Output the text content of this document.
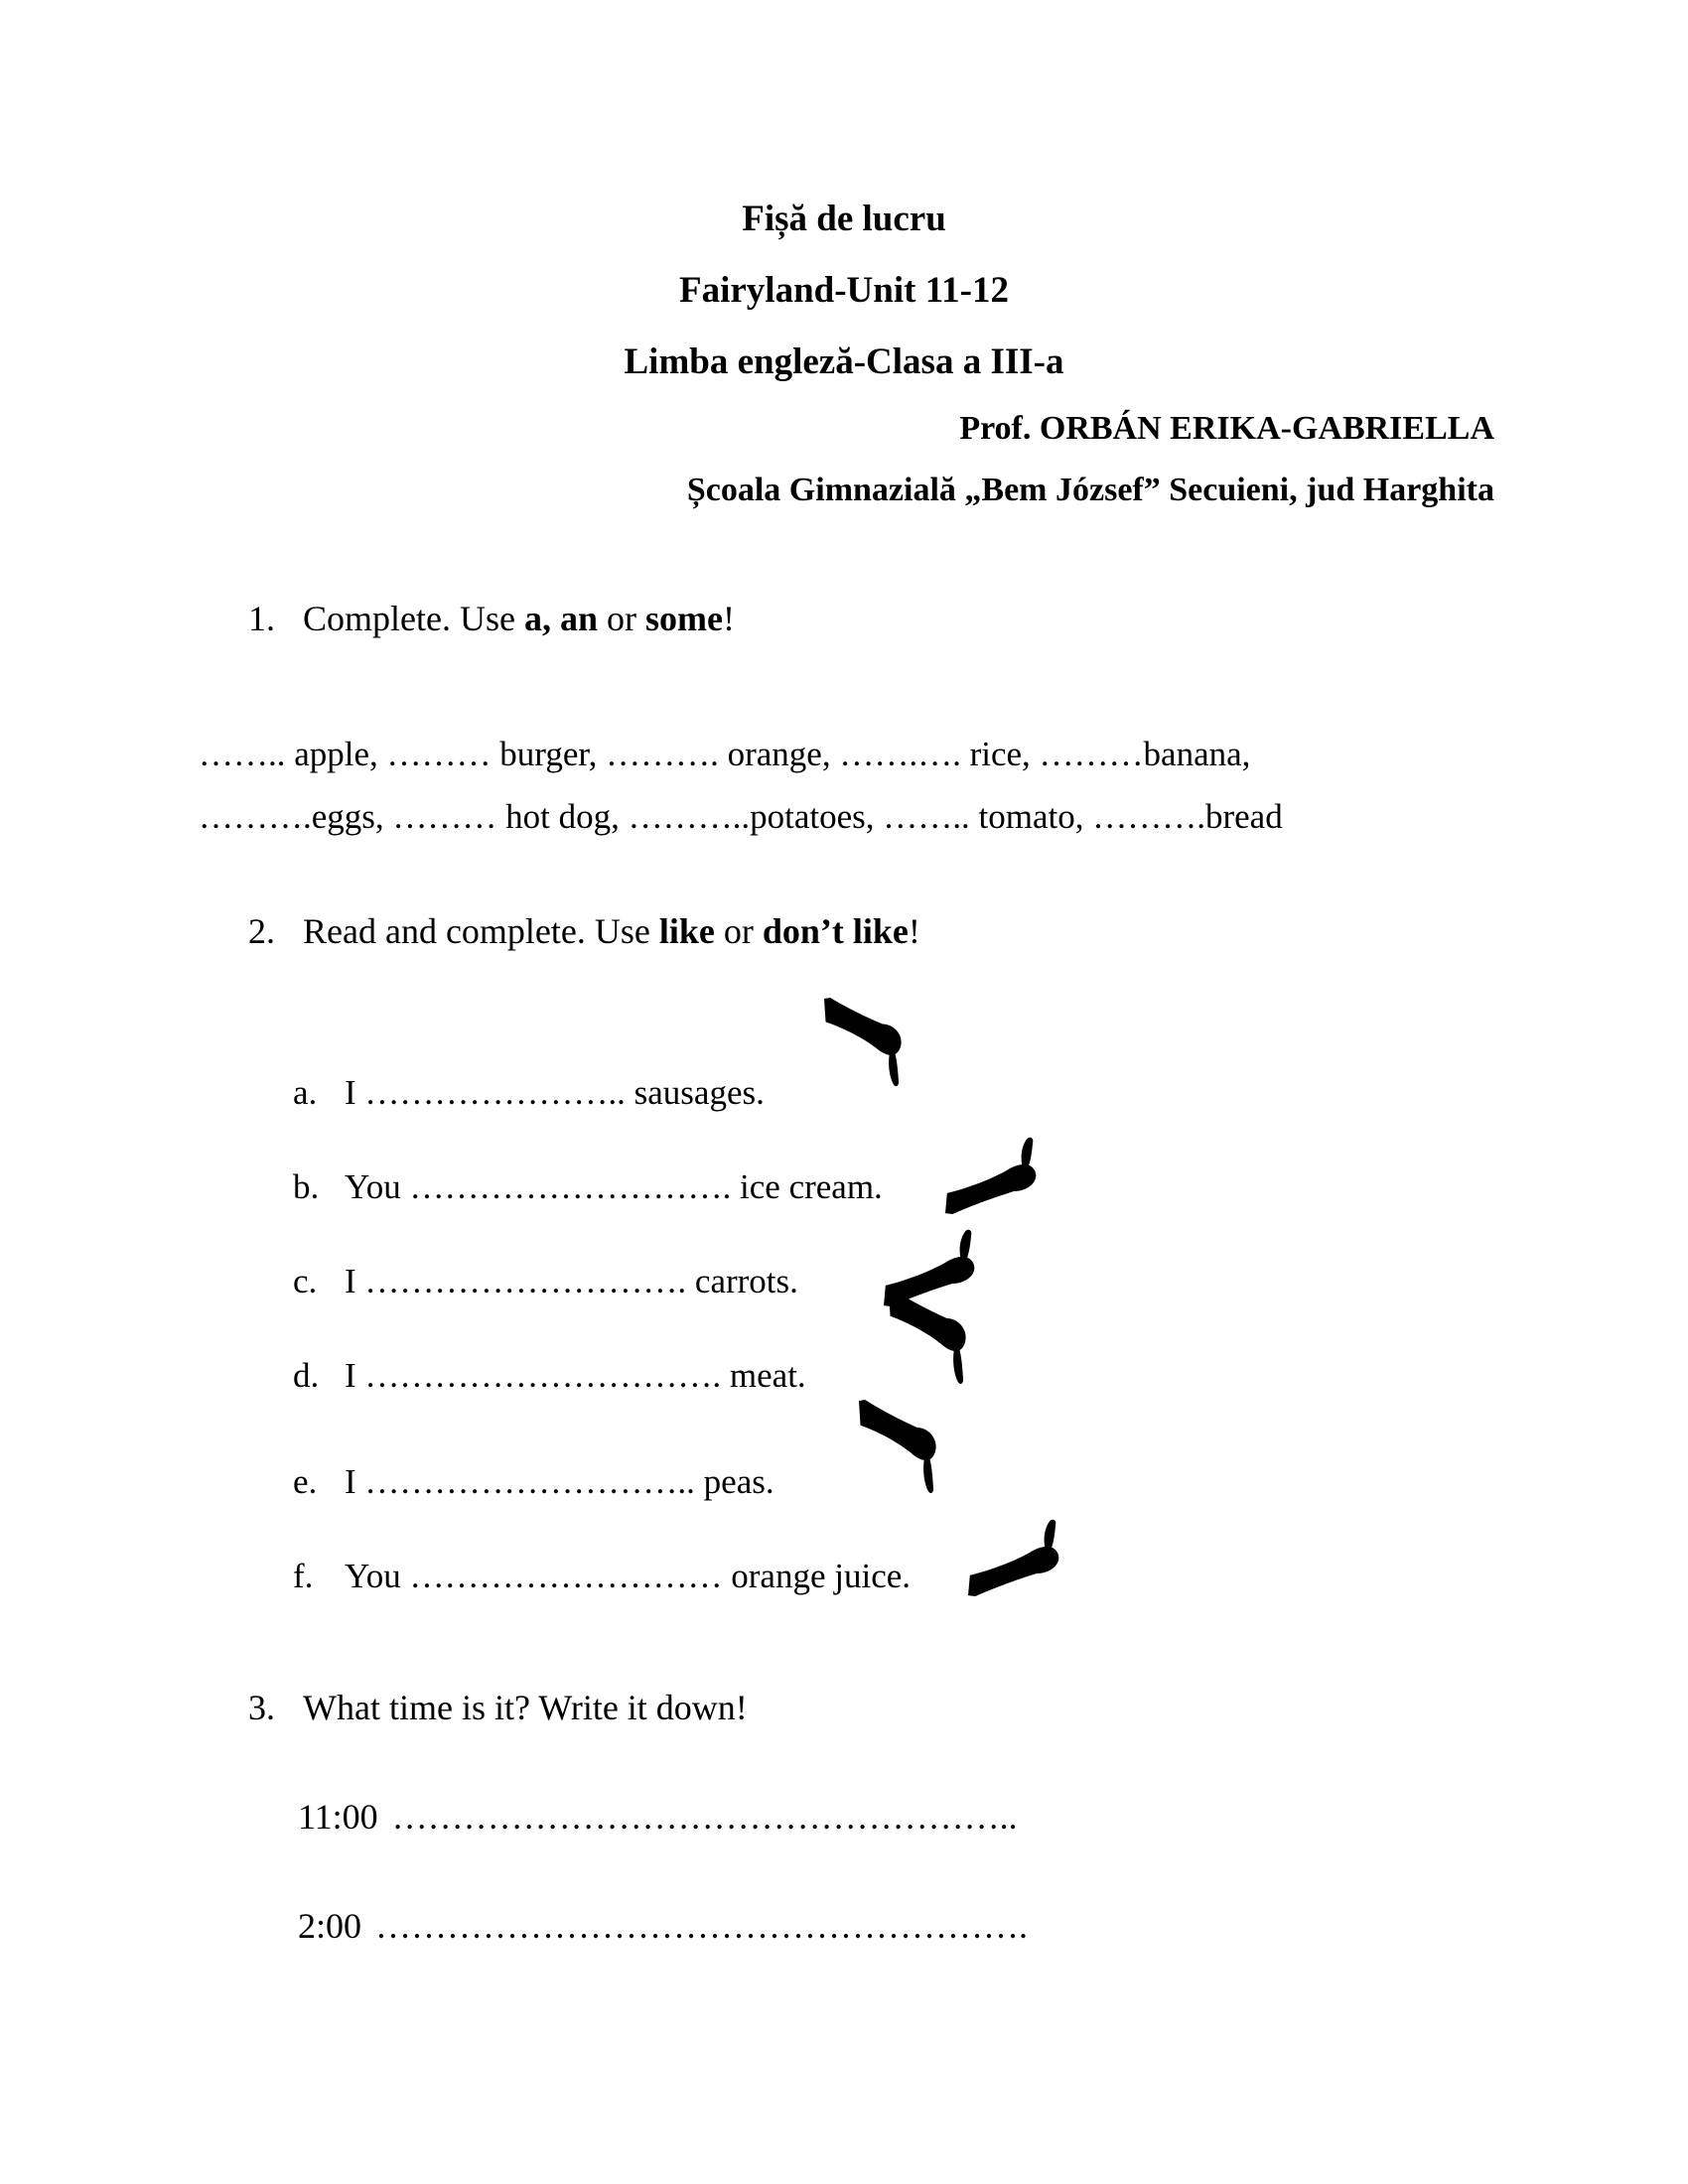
Fișă de lucru
Fairyland-Unit 11-12
Limba engleză-Clasa a III-a
Prof. ORBÁN ERIKA-GABRIELLA
Școala Gimnazială „Bem József” Secuieni, jud Harghita
1. Complete. Use a, an or some!
…….. apple, ……… burger, ………. orange, …….…. rice, ………banana,
……….eggs, ……… hot dog, ………..potatoes, …….. tomato, ……….bread
2. Read and complete. Use like or don’t like!
a. I ………………….. sausages.
b. You ………………………. ice cream.
c. I ………………………. carrots.
d. I …………………………. meat.
e. I ……………………….. peas.
f. You ……………………… orange juice.
3. What time is it? Write it down!
11:00 ……………………………………………..
2:00 ……………………………………………….
